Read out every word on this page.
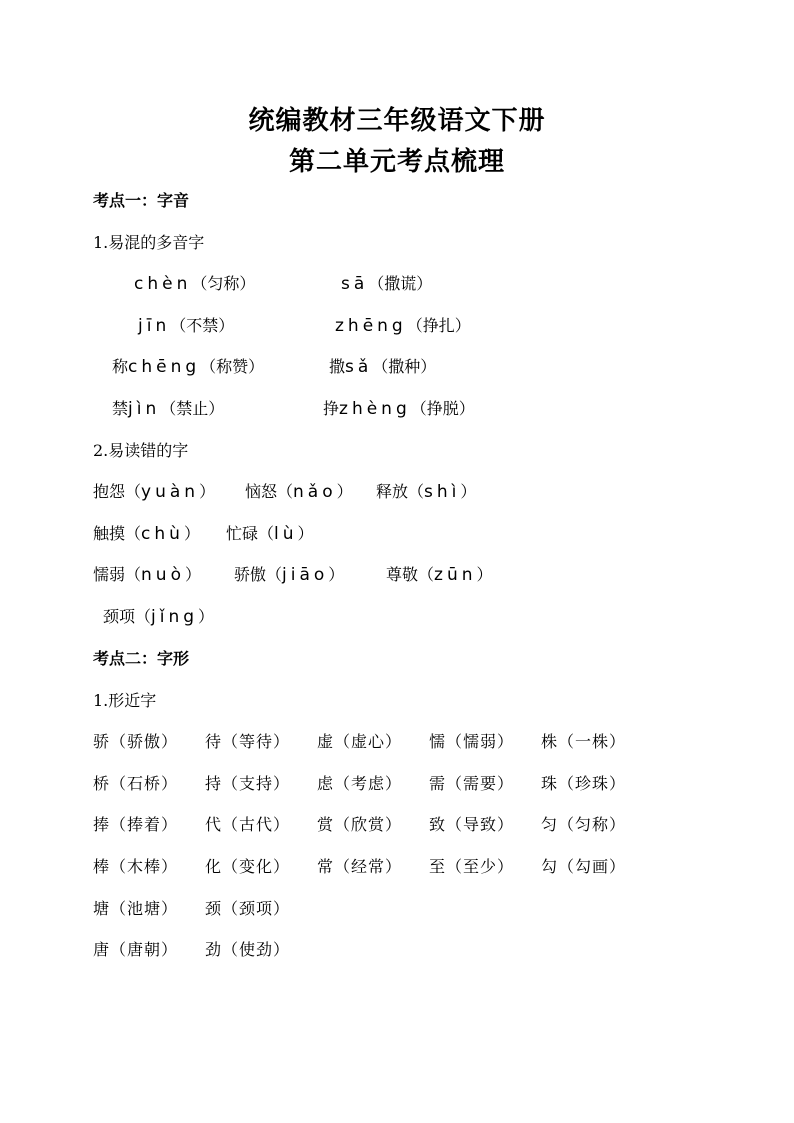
统编教材三年级语文下册
第二单元考点梳理
考点一：字音
1.易混的多音字
chèn（匀称）	sā（撒谎）
jīn（不禁）	zhēng（挣扎）
称chēng（称赞）	撒sǎ（撒种）
禁jìn（禁止）	挣zhèng（挣脱）
2.易读错的字
抱怨（yuàn） 恼怒（nǎo） 释放（shì）
触摸（chù） 忙碌（lù）
懦弱（nuò） 骄傲（jiāo）	尊敬（zūn）
颈项（jǐng）
考点二：字形
1.形近字
骄（骄傲） 待（等待） 虚（虚心） 懦（懦弱） 株（一株）
桥（石桥） 持（支持） 虑（考虑） 需（需要） 珠（珍珠）
捧（捧着） 代（古代） 赏（欣赏） 致（导致） 匀（匀称）
棒（木棒） 化（变化） 常（经常） 至（至少） 勾（勾画）
塘（池塘） 颈（颈项）
唐（唐朝） 劲（使劲）
